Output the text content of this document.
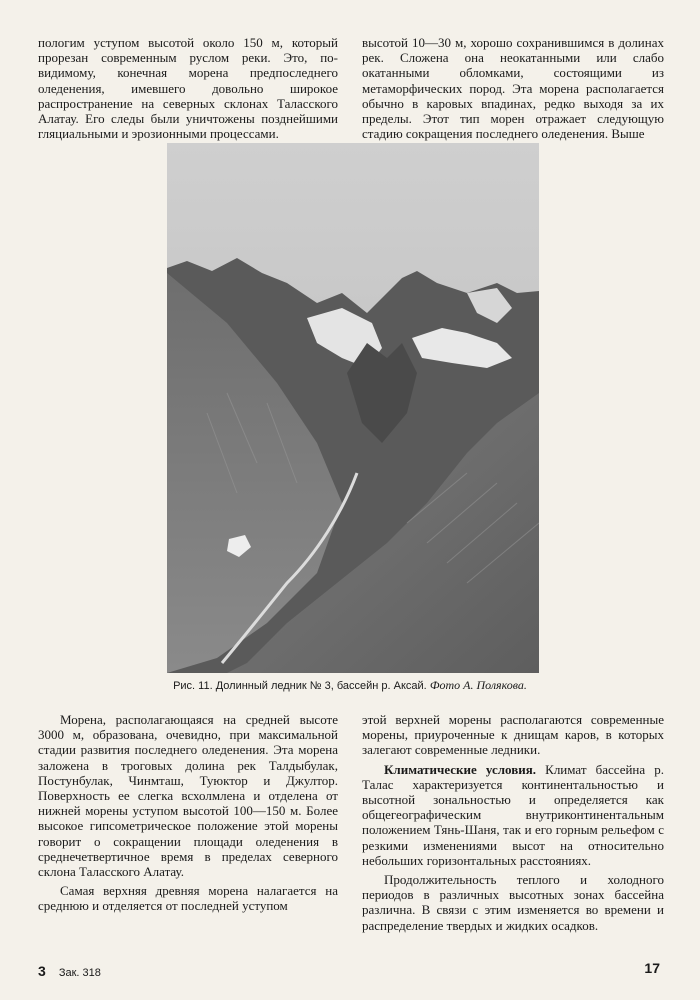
пологим уступом высотой около 150 м, который прорезан современным руслом реки. Это, по-видимому, конечная морена предпоследнего оледенения, имевшего довольно широкое распространение на северных склонах Таласского Алатау. Его следы были уничтожены позднейшими гляциальными и эрозионными процессами.

высотой 10—30 м, хорошо сохранившимся в долинах рек. Сложена она неокатанными или слабо окатанными обломками, состоящими из метаморфических пород. Эта морена располагается обычно в каровых впадинах, редко выходя за их пределы. Этот тип морен отражает следующую стадию сокращения последнего оледенения. Выше

Рис. 11. Долинный ледник № 3, бассейн р. Аксай. Фото А. Полякова.

Морена, располагающаяся на средней высоте 3000 м, образована, очевидно, при максимальной стадии развития последнего оледенения. Эта морена заложена в троговых долина рек Талдыбулак, Постунбулак, Чинмташ, Туюктор и Джултор. Поверхность ее слегка всхолмлена и отделена от нижней морены уступом высотой 100—150 м. Более высокое гипсометрическое положение этой морены говорит о сокращении площади оледенения в среднечетвертичное время в пределах северного склона Таласского Алатау.

Самая верхняя древняя морена налагается на среднюю и отделяется от последней уступом

этой верхней морены располагаются современные морены, приуроченные к днищам каров, в которых залегают современные ледники.

Климатические условия. Климат бассейна р. Талас характеризуется континентальностью и высотной зональностью и определяется как общегеографическим внутриконтинентальным положением Тянь-Шаня, так и его горным рельефом с резкими изменениями высот на относительно небольших горизонтальных расстояниях.

Продолжительность теплого и холодного периодов в различных высотных зонах бассейна различна. В связи с этим изменяется во времени и распределение твердых и жидких осадков.

3 Зак. 318	17
